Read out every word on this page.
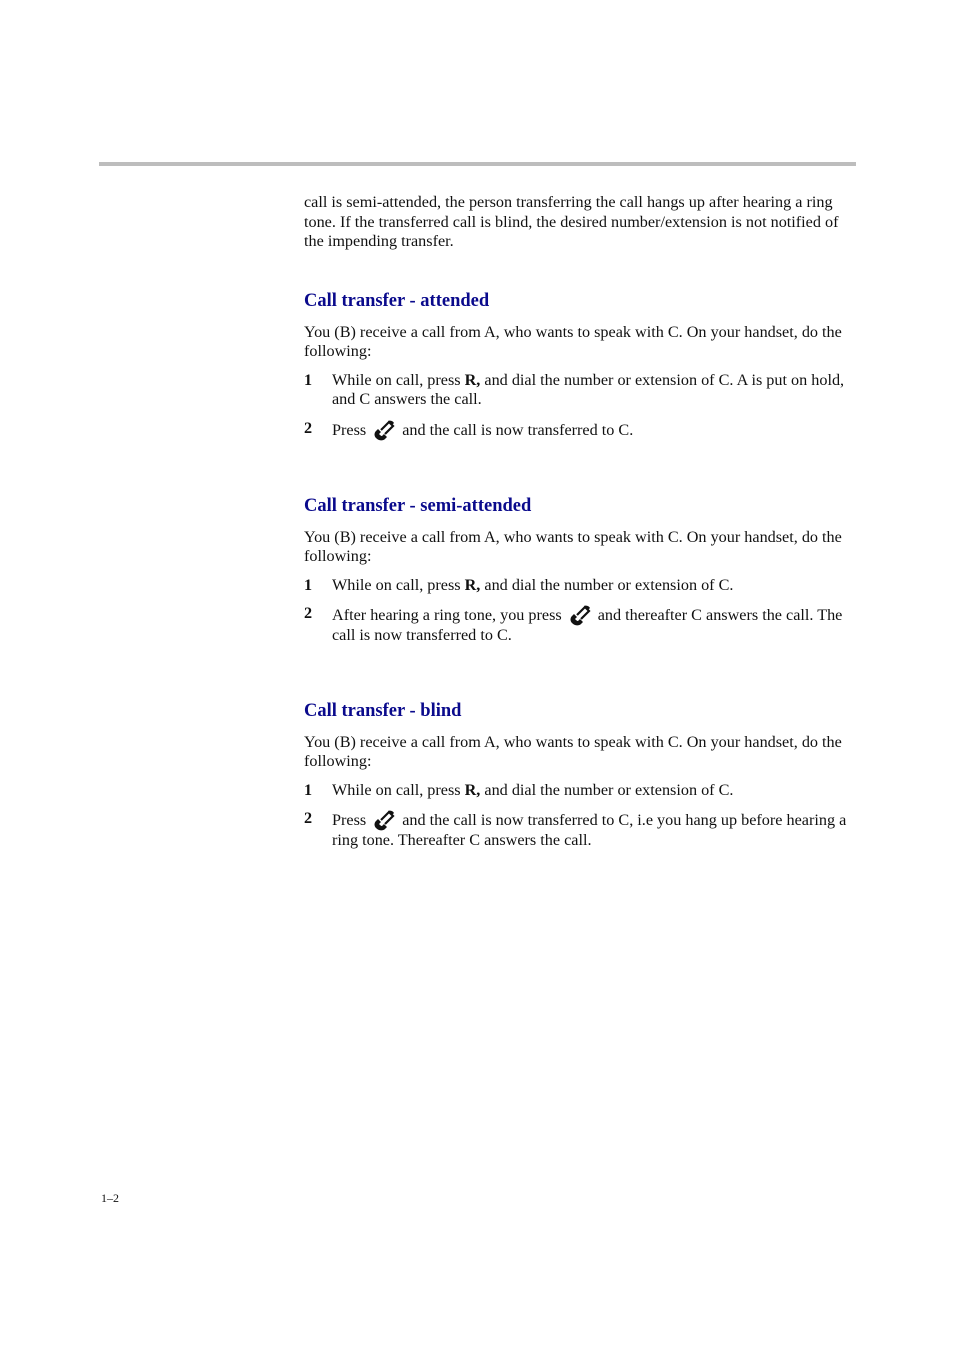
call is semi-attended, the person transferring the call hangs up after hearing a ring tone. If the transferred call is blind, the desired number/extension is not notified of the impending transfer.

Call transfer - attended

You (B) receive a call from A, who wants to speak with C. On your handset, do the following:

1	While on call, press R, and dial the number or extension of C. A is put on hold, and C answers the call.
2	Press and the call is now transferred to C.
Call transfer - semi-attended

You (B) receive a call from A, who wants to speak with C. On your handset, do the following:

1	While on call, press R, and dial the number or extension of C.
2	After hearing a ring tone, you press and thereafter C answers the call. The call is now transferred to C.
Call transfer - blind

You (B) receive a call from A, who wants to speak with C. On your handset, do the following:

1	While on call, press R, and dial the number or extension of C.
2	Press and the call is now transferred to C, i.e you hang up before hearing a ring tone. Thereafter C answers the call.
1–2
